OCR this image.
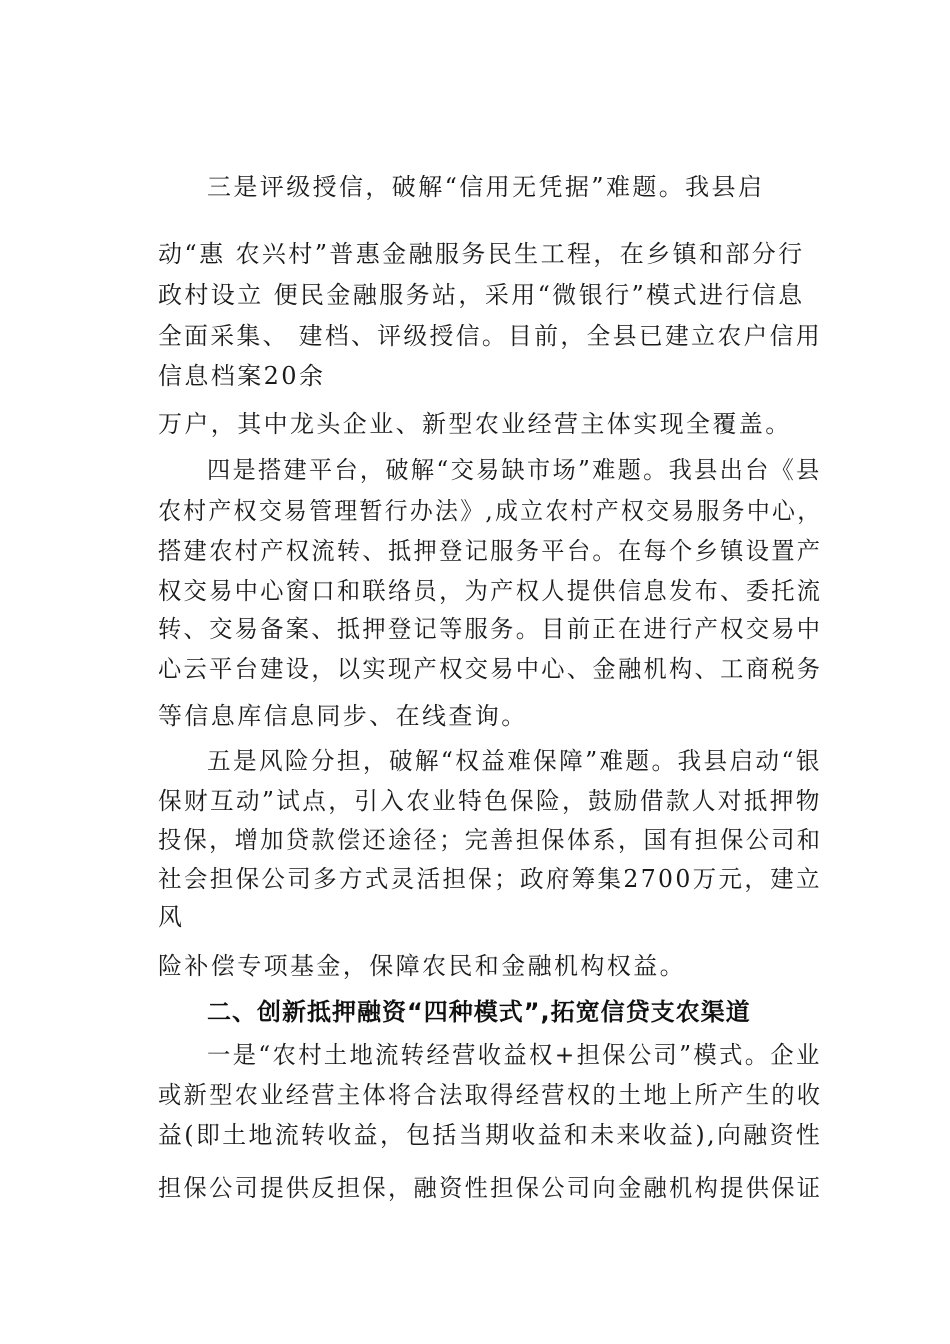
三是评级授信，破解“信用无凭据”难题。我县启
动“惠 农兴村”普惠金融服务民生工程，在乡镇和部分行
政村设立 便民金融服务站，采用“微银行”模式进行信息
全面采集、 建档、评级授信。目前，全县已建立农户信用
信息档案20余
万户，其中龙头企业、新型农业经营主体实现全覆盖。
四是搭建平台，破解“交易缺市场”难题。我县出台《县
农村产权交易管理暂行办法》,成立农村产权交易服务中心，
搭建农村产权流转、抵押登记服务平台。在每个乡镇设置产
权交易中心窗口和联络员，为产权人提供信息发布、委托流
转、交易备案、抵押登记等服务。目前正在进行产权交易中
心云平台建设，以实现产权交易中心、金融机构、工商税务
等信息库信息同步、在线查询。
五是风险分担，破解“权益难保障”难题。我县启动“银
保财互动”试点，引入农业特色保险，鼓励借款人对抵押物
投保，增加贷款偿还途径；完善担保体系，国有担保公司和
社会担保公司多方式灵活担保；政府筹集2700万元，建立
风
险补偿专项基金，保障农民和金融机构权益。
二、创新抵押融资“四种模式”,拓宽信贷支农渠道
一是“农村土地流转经营收益权+担保公司”模式。企业
或新型农业经营主体将合法取得经营权的土地上所产生的收
益(即土地流转收益，包括当期收益和未来收益),向融资性
担保公司提供反担保，融资性担保公司向金融机构提供保证
